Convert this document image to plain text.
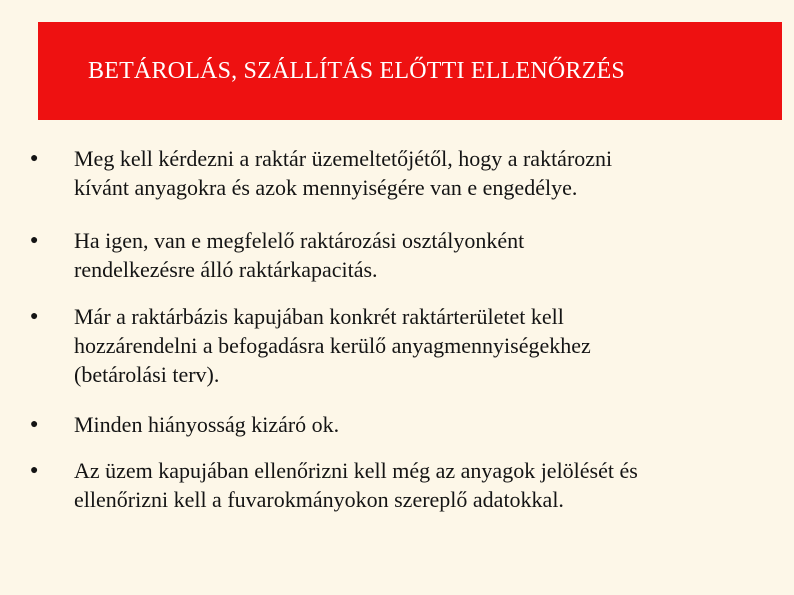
BETÁROLÁS, SZÁLLÍTÁS ELŐTTI ELLENŐRZÉS
●	Meg kell kérdezni a raktár üzemeltetőjétől, hogy a raktározni
kívánt anyagokra és azok mennyiségére van e engedélye.
●	Ha igen, van e megfelelő raktározási osztályonként
rendelkezésre álló raktárkapacitás.
●	Már a raktárbázis kapujában konkrét raktárterületet kell
hozzárendelni a befogadásra kerülő anyagmennyiségekhez
(betárolási terv).
●	Minden hiányosság kizáró ok.
●	Az üzem kapujában ellenőrizni kell még az anyagok jelölését és
ellenőrizni kell a fuvarokmányokon szereplő adatokkal.
